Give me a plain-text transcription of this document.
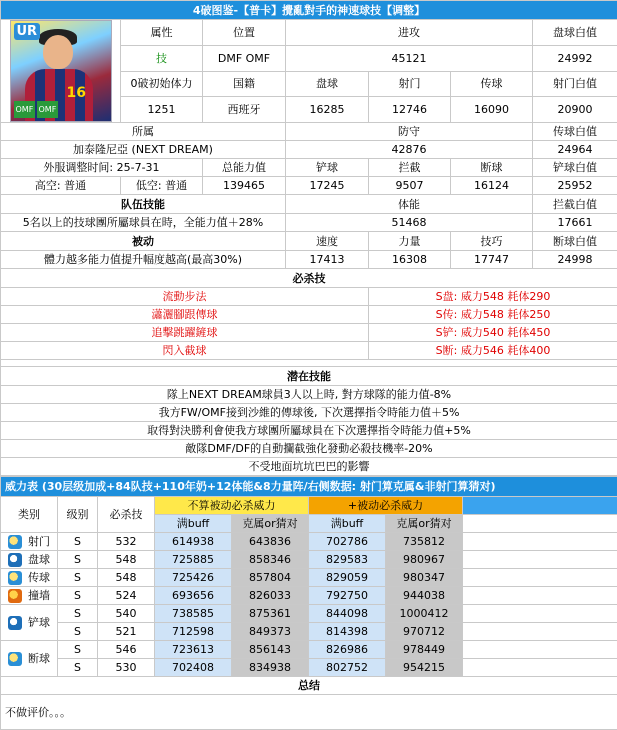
4破图鉴-【普卡】攪亂對手的神速球技【调整】						

UR
16
OMF OMF	属性	位置	进攻			盘球白值
	技	DMF OMF	45121			24992
	0破初始体力	国籍	盘球	射门	传球	射门白值
	1251	西班牙	16285	12746	16090	20900
所属			防守			传球白值
加泰隆尼亞 (NEXT DREAM)			42876			24964
外服调整时间: 25-7-31		总能力值	铲球	拦截	断球	铲球白值
高空: 普通	低空: 普通	139465	17245	9507	16124	25952
队伍技能			体能			拦截白值
5名以上的技球團所屬球員在時，全能力值＋28%			51468			17661
被动			速度	力量	技巧	断球白值
體力越多能力值提升幅度越高(最高30%)			17413	16308	17747	24998
必杀技						
流動步法				S盘: 威力548 耗体290		
瀟灑腳跟傳球				S传: 威力548 耗体250		
追擊跳躍鏟球				S铲: 威力540 耗体450		
閃入截球				S断: 威力546 耗体400		

潜在技能						
隊上NEXT DREAM球員3人以上時, 對方球隊的能力值-8%						
我方FW/OMF接到沙維的傳球後, 下次選擇指令時能力值＋5%						
取得對決勝利會使我方球團所屬球員在下次選擇指令時能力值+5%						
敵隊DMF/DF的自動攔截強化發動必殺技機率-20%						
不受地面坑坑巴巴的影響						
威力表 (30层级加成+84队技+110年奶+12体能&8力量阵/右侧数据: 射门算克属&非射门算猜对)							
类别	级别	必杀技	不算被动必杀威力		+被动必杀威力		
			满buff	克属or猜对	满buff	克属or猜对	
射门	S	532	614938	643836	702786	735812	
盘球	S	548	725885	858346	829583	980967	
传球	S	548	725426	857804	829059	980347	
撞墙	S	524	693656	826033	792750	944038	
铲球	S	540	738585	875361	844098	1000412	
	S	521	712598	849373	814398	970712	
断球	S	546	723613	856143	826986	978449	
	S	530	702408	834938	802752	954215	
总结							
不做评价。。。							
